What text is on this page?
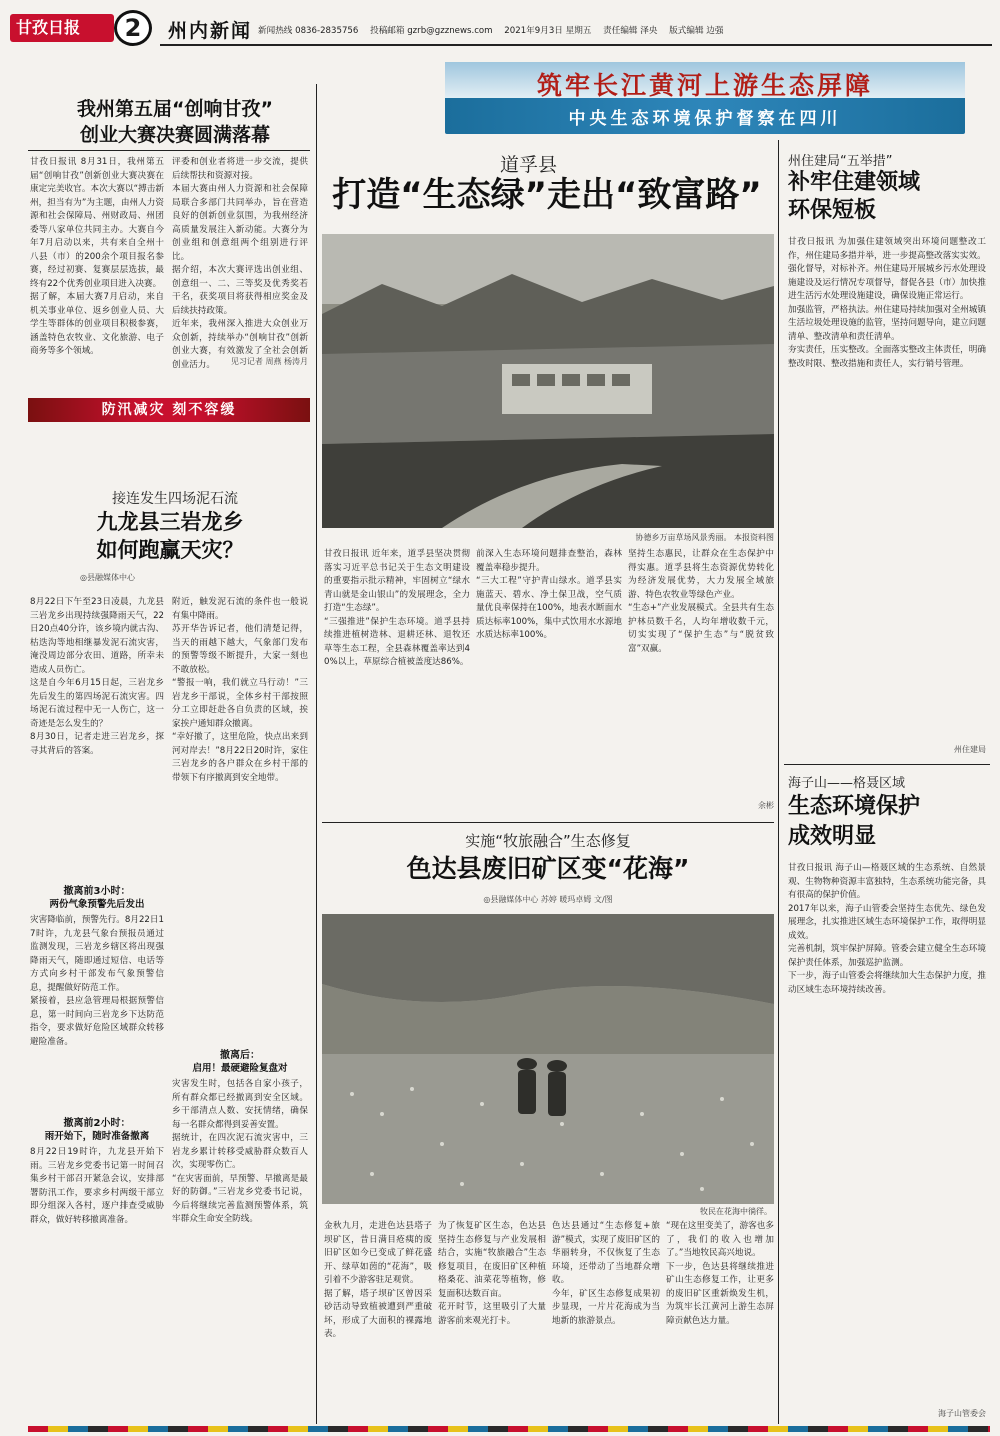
甘孜日报	2	州内新闻 新闻热线 0836-2835756 投稿邮箱 gzrb@gzznews.com 2021年9月3日 星期五 责任编辑 泽央 版式编辑 边强
筑牢长江黄河上游生态屏障
中央生态环境保护督察在四川
我州第五届“创响甘孜”
创业大赛决赛圆满落幕
甘孜日报讯 8月31日，我州第五届“创响甘孜”创新创业大赛决赛在康定完美收官。本次大赛以“搏击新州，担当有为”为主题，由州人力资源和社会保障局、州财政局、州团委等八家单位共同主办。大赛自今年7月启动以来，共有来自全州十八县（市）的200余个项目报名参赛，经过初赛、复赛层层选拔，最终有22个优秀创业项目进入决赛。
据了解，本届大赛7月启动，来自机关事业单位、返乡创业人员、大学生等群体的创业项目积极参赛，涵盖特色农牧业、文化旅游、电子商务等多个领域。
评委和创业者将进一步交流，提供后续帮扶和资源对接。
本届大赛由州人力资源和社会保障局联合多部门共同举办，旨在营造良好的创新创业氛围，为我州经济高质量发展注入新动能。大赛分为创业组和创意组两个组别进行评比。
据介绍，本次大赛评选出创业组、创意组一、二、三等奖及优秀奖若干名，获奖项目将获得相应奖金及后续扶持政策。
近年来，我州深入推进大众创业万众创新，持续举办“创响甘孜”创新创业大赛，有效激发了全社会创新创业活力。	见习记者 周燕 杨涛月
防汛减灾 刻不容缓
接连发生四场泥石流
九龙县三岩龙乡
如何跑赢天灾？
◎县融媒体中心
8月22日下午至23日凌晨，九龙县三岩龙乡出现持续强降雨天气，22日20点40分许，该乡境内就古沟、枯迭沟等地相继暴发泥石流灾害，淹没周边部分农田、道路，所幸未造成人员伤亡。
这是自今年6月15日起，三岩龙乡先后发生的第四场泥石流灾害。四场泥石流过程中无一人伤亡，这一奇迹是怎么发生的？
8月30日，记者走进三岩龙乡，探寻其背后的答案。
撤离前3小时：
两份气象预警先后发出
灾害降临前，预警先行。8月22日17时许，九龙县气象台预报员通过监测发现，三岩龙乡辖区将出现强降雨天气，随即通过短信、电话等方式向乡村干部发布气象预警信息，提醒做好防范工作。
紧接着，县应急管理局根据预警信息，第一时间向三岩龙乡下达防范指令，要求做好危险区域群众转移避险准备。
撤离前2小时：
雨开始下，随时准备撤离
8月22日19时许，九龙县开始下雨。三岩龙乡党委书记第一时间召集乡村干部召开紧急会议，安排部署防汛工作，要求乡村两级干部立即分组深入各村，逐户排查受威胁群众，做好转移撤离准备。
附近，触发泥石流的条件也一般说有集中降雨。
苏开华告诉记者，他们清楚记得，当天的雨越下越大，气象部门发布的预警等级不断提升，大家一刻也不敢放松。
“警报一响，我们就立马行动！”三岩龙乡干部说，全体乡村干部按照分工立即赶赴各自负责的区域，挨家挨户通知群众撤离。
“幸好撤了，这里危险，快点出来到河对岸去！”8月22日20时许，家住三岩龙乡的各户群众在乡村干部的带领下有序撤离到安全地带。
撤离后：
启用！最硬避险复盘对
灾害发生时，包括各自家小孩子，所有群众都已经撤离到安全区域。乡干部清点人数、安抚情绪，确保每一名群众都得到妥善安置。
据统计，在四次泥石流灾害中，三岩龙乡累计转移受威胁群众数百人次，实现零伤亡。
“在灾害面前，早预警、早撤离是最好的防御。”三岩龙乡党委书记说，今后将继续完善监测预警体系，筑牢群众生命安全防线。
道孚县
打造“生态绿”走出“致富路”
协德乡万亩草场风景秀丽。 本报资料图
甘孜日报讯 近年来，道孚县坚决贯彻落实习近平总书记关于生态文明建设的重要指示批示精神，牢固树立“绿水青山就是金山银山”的发展理念，全力打造“生态绿”。
“三强推进”保护生态环境。道孚县持续推进植树造林、退耕还林、退牧还草等生态工程，全县森林覆盖率达到40%以上，草原综合植被盖度达86%。
前深入生态环境问题排查整治，森林覆盖率稳步提升。
“三大工程”守护青山绿水。道孚县实施蓝天、碧水、净土保卫战，空气质量优良率保持在100%，地表水断面水质达标率100%，集中式饮用水水源地水质达标率100%。
坚持生态惠民，让群众在生态保护中得实惠。道孚县将生态资源优势转化为经济发展优势，大力发展全域旅游、特色农牧业等绿色产业。
“生态+”产业发展模式。全县共有生态护林员数千名，人均年增收数千元，切实实现了“保护生态”与“脱贫致富”双赢。
余彬
实施“牧旅融合”生态修复
色达县废旧矿区变“花海”
◎县融媒体中心 苏婷 暖玛卓姆 文/图
牧民在花海中徜徉。
金秋九月，走进色达县塔子坝矿区，昔日满目疮痍的废旧矿区如今已变成了鲜花盛开、绿草如茵的“花海”，吸引着不少游客驻足观赏。
据了解，塔子坝矿区曾因采砂活动导致植被遭到严重破坏，形成了大面积的裸露地表。
为了恢复矿区生态，色达县坚持生态修复与产业发展相结合，实施“牧旅融合”生态修复项目，在废旧矿区种植格桑花、油菜花等植物，修复面积达数百亩。
花开时节，这里吸引了大量游客前来观光打卡。
色达县通过“生态修复+旅游”模式，实现了废旧矿区的华丽转身，不仅恢复了生态环境，还带动了当地群众增收。
今年，矿区生态修复成果初步显现，一片片花海成为当地新的旅游景点。
“现在这里变美了，游客也多了，我们的收入也增加了。”当地牧民高兴地说。
下一步，色达县将继续推进矿山生态修复工作，让更多的废旧矿区重新焕发生机，为筑牢长江黄河上游生态屏障贡献色达力量。
州住建局“五举措”
补牢住建领域
环保短板
甘孜日报讯 为加强住建领域突出环境问题整改工作，州住建局多措并举，进一步提高整改落实实效。
强化督导，对标补齐。州住建局开展城乡污水处理设施建设及运行情况专项督导，督促各县（市）加快推进生活污水处理设施建设，确保设施正常运行。
加强监管，严格执法。州住建局持续加强对全州城镇生活垃圾处理设施的监管，坚持问题导向，建立问题清单、整改清单和责任清单。
夯实责任，压实整改。全面落实整改主体责任，明确整改时限、整改措施和责任人，实行销号管理。
州住建局
海子山——格聂区域
生态环境保护
成效明显
甘孜日报讯 海子山—格聂区域的生态系统、自然景观、生物物种资源丰富独特，生态系统功能完备，具有很高的保护价值。
2017年以来，海子山管委会坚持生态优先、绿色发展理念，扎实推进区域生态环境保护工作，取得明显成效。
完善机制，筑牢保护屏障。管委会建立健全生态环境保护责任体系，加强巡护监测。
下一步，海子山管委会将继续加大生态保护力度，推动区域生态环境持续改善。
海子山管委会
